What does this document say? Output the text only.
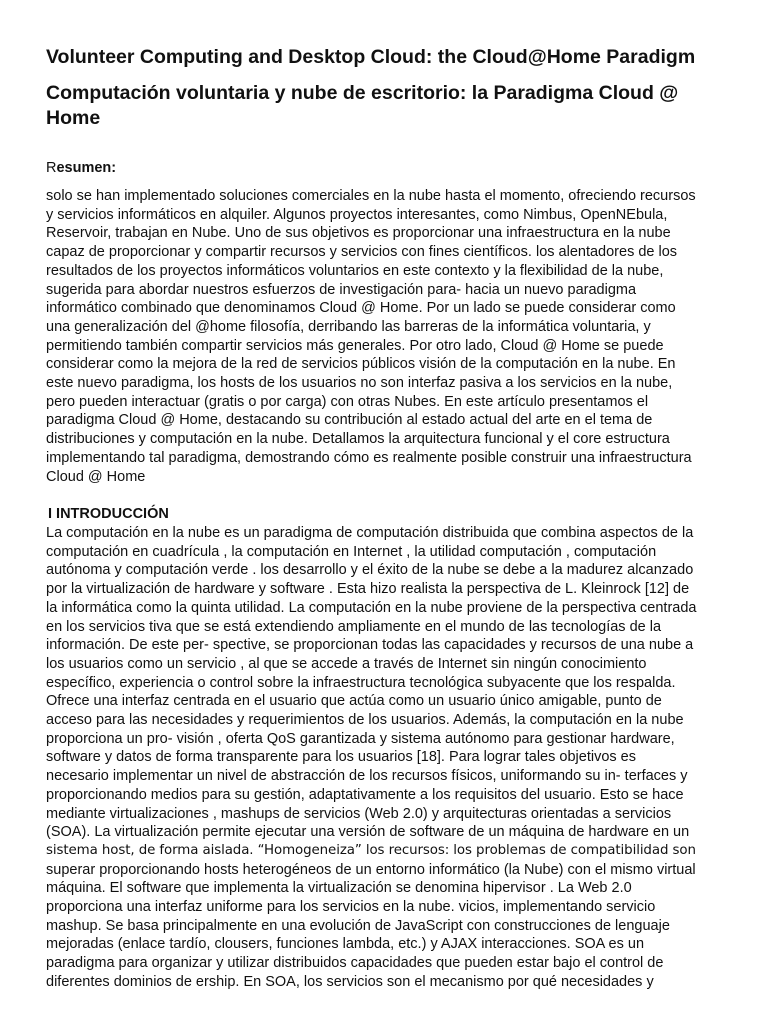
Volunteer Computing and Desktop Cloud: the Cloud@Home Paradigm
Computación voluntaria y nube de escritorio: la Paradigma Cloud @ Home
Resumen:
solo se han implementado soluciones comerciales en la nube hasta el momento, ofreciendo recursos
y servicios informáticos en alquiler. Algunos proyectos interesantes, como Nimbus, OpenNEbula,
Reservoir, trabajan en Nube. Uno de sus objetivos es proporcionar una infraestructura en la nube
capaz de proporcionar y compartir recursos y servicios con fines científicos. los alentadores de los
resultados de los proyectos informáticos voluntarios en este contexto y la flexibilidad de la nube,
sugerida para abordar nuestros esfuerzos de investigación para- hacia un nuevo paradigma
informático combinado que denominamos Cloud @ Home. Por un lado se puede considerar como
una generalización del @home filosofía, derribando las barreras de la informática voluntaria, y
permitiendo también compartir servicios más generales. Por otro lado, Cloud @ Home se puede
considerar como la mejora de la red de servicios públicos visión de la computación en la nube. En
este nuevo paradigma, los hosts de los usuarios no son interfaz pasiva a los servicios en la nube,
pero pueden interactuar (gratis o por carga) con otras Nubes. En este artículo presentamos el
paradigma Cloud @ Home, destacando su contribución al estado actual del arte en el tema de
distribuciones y computación en la nube. Detallamos la arquitectura funcional y el core estructura
implementando tal paradigma, demostrando cómo es realmente posible construir una infraestructura
Cloud @ Home
I INTRODUCCIÓN
La computación en la nube es un paradigma de computación distribuida que combina aspectos de la
computación en cuadrícula , la computación en Internet , la utilidad computación , computación
autónoma y computación verde . los desarrollo y el éxito de la nube se debe a la madurez alcanzado
por la virtualización de hardware y software . Esta hizo realista la perspectiva de L. Kleinrock [12] de
la informática como la quinta utilidad. La computación en la nube proviene de la perspectiva centrada
en los servicios tiva que se está extendiendo ampliamente en el mundo de las tecnologías de la
información. De este per- spective, se proporcionan todas las capacidades y recursos de una nube a
los usuarios como un servicio , al que se accede a través de Internet sin ningún conocimiento
específico, experiencia o control sobre la infraestructura tecnológica subyacente que los respalda.
Ofrece una interfaz centrada en el usuario que actúa como un usuario único amigable, punto de
acceso para las necesidades y requerimientos de los usuarios. Además, la computación en la nube
proporciona un pro- visión , oferta QoS garantizada y sistema autónomo para gestionar hardware,
software y datos de forma transparente para los usuarios [18]. Para lograr tales objetivos es
necesario implementar un nivel de abstracción de los recursos físicos, uniformando su in- terfaces y
proporcionando medios para su gestión, adaptativamente a los requisitos del usuario. Esto se hace
mediante virtualizaciones , mashups de servicios (Web 2.0) y arquitecturas orientadas a servicios
(SOA). La virtualización permite ejecutar una versión de software de un máquina de hardware en un
sistema host, de forma aislada. “Homogeneiza” los recursos: los problemas de compatibilidad son
superar proporcionando hosts heterogéneos de un entorno informático (la Nube) con el mismo virtual
máquina. El software que implementa la virtualización se denomina hipervisor . La Web 2.0
proporciona una interfaz uniforme para los servicios en la nube. vicios, implementando servicio
mashup. Se basa principalmente en una evolución de JavaScript con construcciones de lenguaje
mejoradas (enlace tardío, clousers, funciones lambda, etc.) y AJAX interacciones. SOA es un
paradigma para organizar y utilizar distribuidos capacidades que pueden estar bajo el control de
diferentes dominios de ership. En SOA, los servicios son el mecanismo por qué necesidades y
